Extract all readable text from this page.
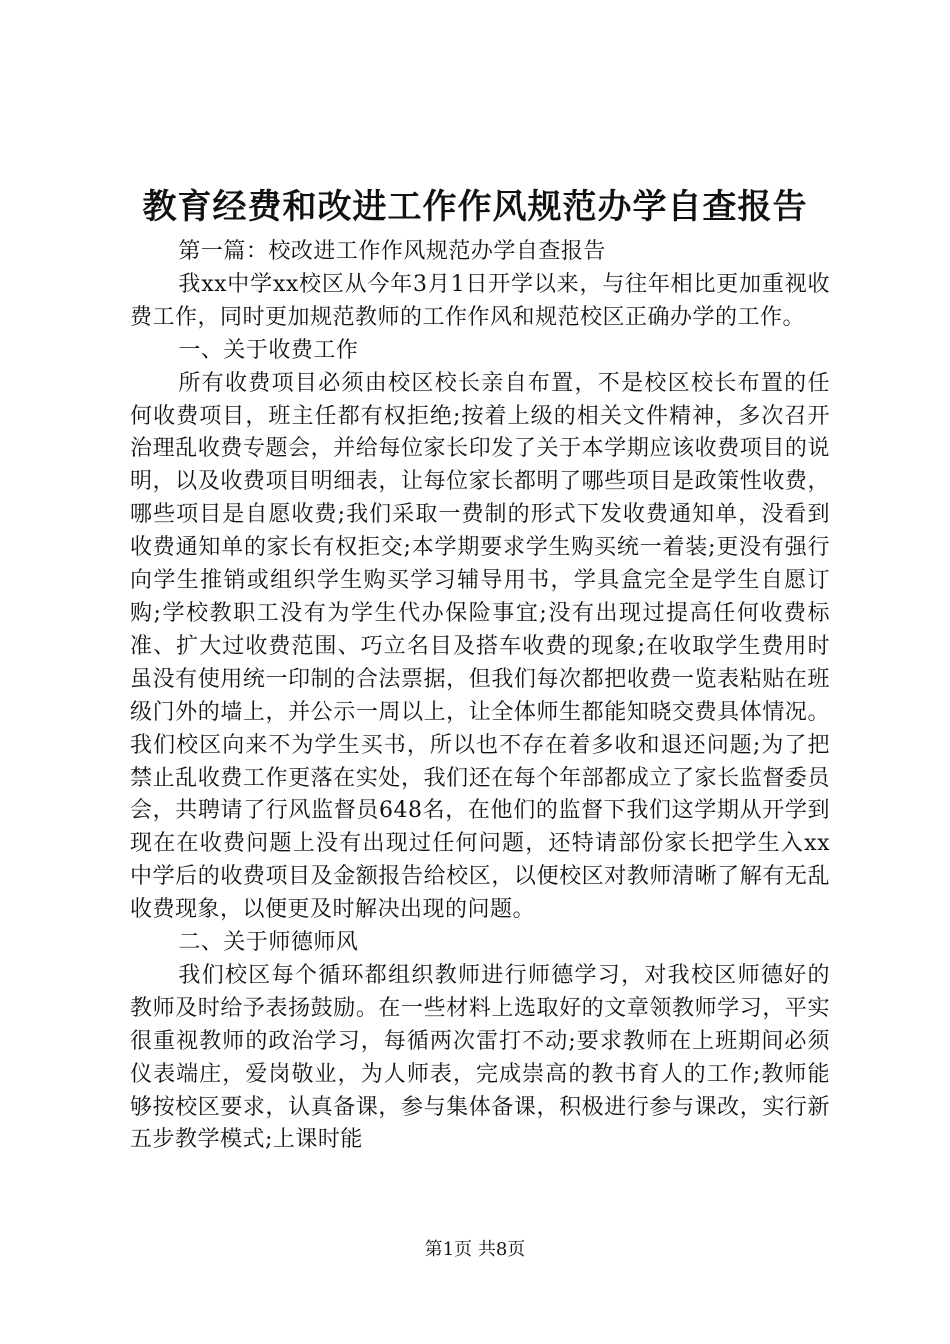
教育经费和改进工作作风规范办学自查报告

第一篇：校改进工作作风规范办学自查报告

我xx中学xx校区从今年3月1日开学以来，与往年相比更加重视收费工作，同时更加规范教师的工作作风和规范校区正确办学的工作。

一、关于收费工作

所有收费项目必须由校区校长亲自布置，不是校区校长布置的任何收费项目，班主任都有权拒绝;按着上级的相关文件精神，多次召开治理乱收费专题会，并给每位家长印发了关于本学期应该收费项目的说明，以及收费项目明细表，让每位家长都明了哪些项目是政策性收费，哪些项目是自愿收费;我们采取一费制的形式下发收费通知单，没看到收费通知单的家长有权拒交;本学期要求学生购买统一着装;更没有强行向学生推销或组织学生购买学习辅导用书，学具盒完全是学生自愿订购;学校教职工没有为学生代办保险事宜;没有出现过提高任何收费标准、扩大过收费范围、巧立名目及搭车收费的现象;在收取学生费用时虽没有使用统一印制的合法票据，但我们每次都把收费一览表粘贴在班级门外的墙上，并公示一周以上，让全体师生都能知晓交费具体情况。我们校区向来不为学生买书，所以也不存在着多收和退还问题;为了把禁止乱收费工作更落在实处，我们还在每个年部都成立了家长监督委员会，共聘请了行风监督员648名，在他们的监督下我们这学期从开学到现在在收费问题上没有出现过任何问题，还特请部份家长把学生入xx中学后的收费项目及金额报告给校区，以便校区对教师清晰了解有无乱收费现象，以便更及时解决出现的问题。

二、关于师德师风

我们校区每个循环都组织教师进行师德学习，对我校区师德好的教师及时给予表扬鼓励。在一些材料上选取好的文章领教师学习，平实很重视教师的政治学习，每循两次雷打不动;要求教师在上班期间必须仪表端庄，爱岗敬业，为人师表，完成崇高的教书育人的工作;教师能够按校区要求，认真备课，参与集体备课，积极进行参与课改，实行新五步教学模式;上课时能

第1页 共8页
